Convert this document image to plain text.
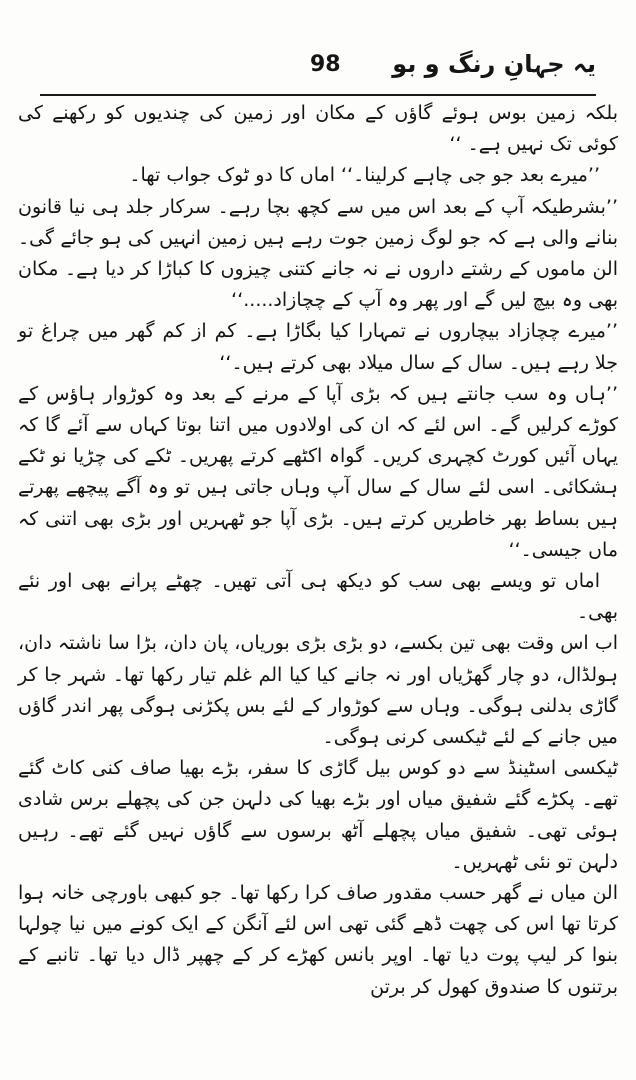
98 یہ جہانِ رنگ و بو

بلکہ زمین بوس ہوئے گاؤں کے مکان اور زمین کی چندیوں کو رکھنے کی کوئی تک نہیں ہے۔ ‘‘

’’میرے بعد جو جی چاہے کرلینا۔‘‘ اماں کا دو ٹوک جواب تھا۔

’’بشرطیکہ آپ کے بعد اس میں سے کچھ بچا رہے۔ سرکار جلد ہی نیا قانون بنانے والی ہے کہ جو لوگ زمین جوت رہے ہیں زمین انہیں کی ہو جائے گی۔ الن ماموں کے رشتے داروں نے نہ جانے کتنی چیزوں کا کباڑا کر دیا ہے۔ مکان بھی وہ بیچ لیں گے اور پھر وہ آپ کے چچازاد.....‘‘

’’میرے چچازاد بیچاروں نے تمہارا کیا بگاڑا ہے۔ کم از کم گھر میں چراغ تو جلا رہے ہیں۔ سال کے سال میلاد بھی کرتے ہیں۔‘‘

’’ہاں وہ سب جانتے ہیں کہ بڑی آپا کے مرنے کے بعد وہ کوڑوار ہاؤس کے کوڑے کرلیں گے۔ اس لئے کہ ان کی اولادوں میں اتنا بوتا کہاں سے آئے گا کہ یہاں آئیں کورٹ کچہری کریں۔ گواہ اکٹھے کرتے پھریں۔ ٹکے کی چڑیا نو ٹکے ہشکائی۔ اسی لئے سال کے سال آپ وہاں جاتی ہیں تو وہ آگے پیچھے پھرتے ہیں بساط بھر خاطریں کرتے ہیں۔ بڑی آپا جو ٹھہریں اور بڑی بھی اتنی کہ ماں جیسی۔‘‘

اماں تو ویسے بھی سب کو دیکھ ہی آتی تھیں۔ چھٹے پرانے بھی اور نئے بھی۔

اب اس وقت بھی تین بکسے، دو بڑی بڑی بوریاں، پان دان، بڑا سا ناشتہ دان، ہولڈال، دو چار گھڑیاں اور نہ جانے کیا کیا الم غلم تیار رکھا تھا۔ شہر جا کر گاڑی بدلنی ہوگی۔ وہاں سے کوڑوار کے لئے بس پکڑنی ہوگی پھر اندر گاؤں میں جانے کے لئے ٹیکسی کرنی ہوگی۔

ٹیکسی اسٹینڈ سے دو کوس بیل گاڑی کا سفر، بڑے بھیا صاف کنی کاٹ گئے تھے۔ پکڑے گئے شفیق میاں اور بڑے بھیا کی دلہن جن کی پچھلے برس شادی ہوئی تھی۔ شفیق میاں پچھلے آٹھ برسوں سے گاؤں نہیں گئے تھے۔ رہیں دلہن تو نئی ٹھہریں۔

الن میاں نے گھر حسب مقدور صاف کرا رکھا تھا۔ جو کبھی باورچی خانہ ہوا کرتا تھا اس کی چھت ڈھے گئی تھی اس لئے آنگن کے ایک کونے میں نیا چولہا بنوا کر لیپ پوت دیا تھا۔ اوپر بانس کھڑے کر کے چھپر ڈال دیا تھا۔ تانبے کے برتنوں کا صندوق کھول کر برتن
